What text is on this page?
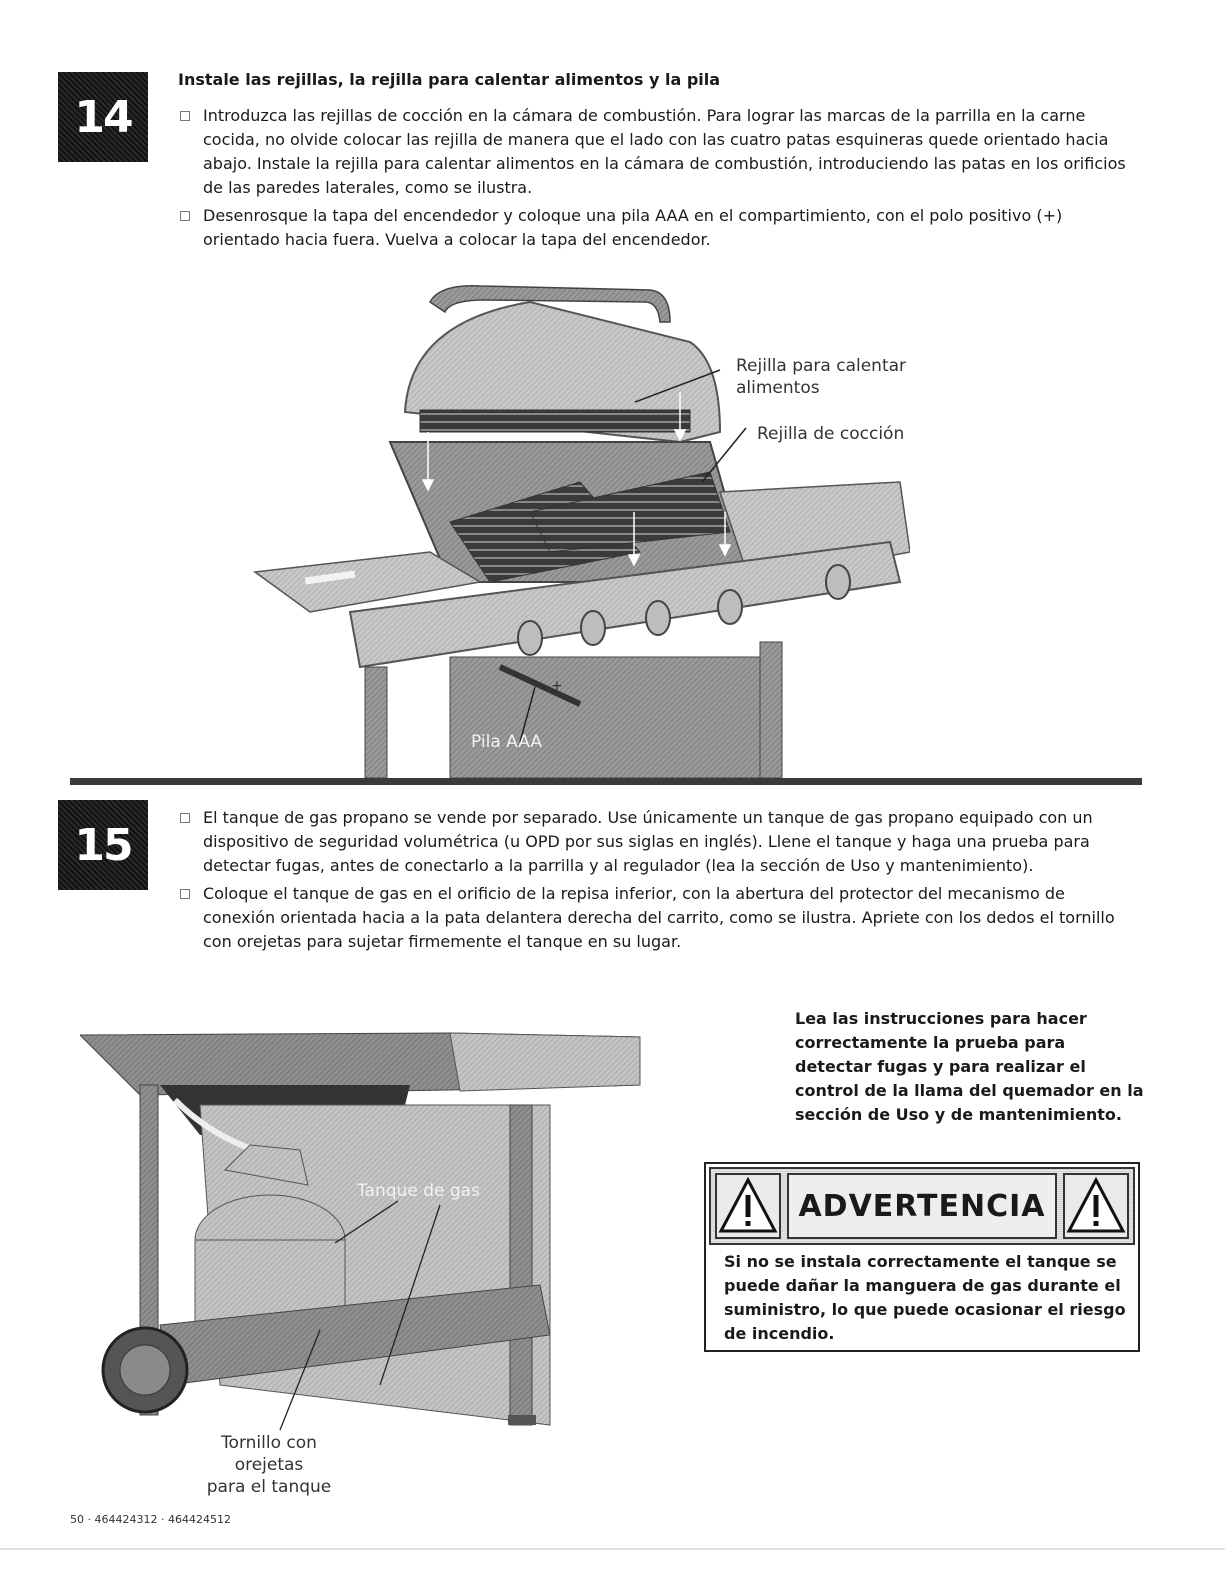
14
Instale las rejillas, la rejilla para calentar alimentos y la pila
Introduzca las rejillas de cocción en la cámara de combustión. Para lograr las marcas de la parrilla en la carne cocida, no olvide colocar las rejilla de manera que el lado con las cuatro patas esquineras quede orientado hacia abajo. Instale la rejilla para calentar alimentos en la cámara de combustión, introduciendo las patas en los orificios de las paredes laterales, como se ilustra.
Desenrosque la tapa del encendedor y coloque una pila AAA en el compartimiento, con el polo positivo (+) orientado hacia fuera. Vuelva a colocar la tapa del encendedor.
Rejilla para calentar
alimentos
Rejilla de cocción
Pila AAA
+
15
El tanque de gas propano se vende por separado. Use únicamente un tanque de gas propano equipado con un dispositivo de seguridad volumétrica (u OPD por sus siglas en inglés). Llene el tanque y haga una prueba para detectar fugas, antes de conectarlo a la parrilla y al regulador (lea la sección de Uso y mantenimiento).
Coloque el tanque de gas en el orificio de la repisa inferior, con la abertura del protector del mecanismo de conexión orientada hacia a la pata delantera derecha del carrito, como se ilustra. Apriete con los dedos el tornillo con orejetas para sujetar firmemente el tanque en su lugar.
Tanque de gas
Tornillo con orejetas
para el tanque
Lea las instrucciones para hacer correctamente la prueba para detectar fugas y para realizar el control de la llama del quemador en la sección de Uso y de mantenimiento.
ADVERTENCIA
Si no se instala correctamente el tanque se puede dañar la manguera de gas durante el suministro, lo que puede ocasionar el riesgo de incendio.
50 · 464424312 · 464424512
